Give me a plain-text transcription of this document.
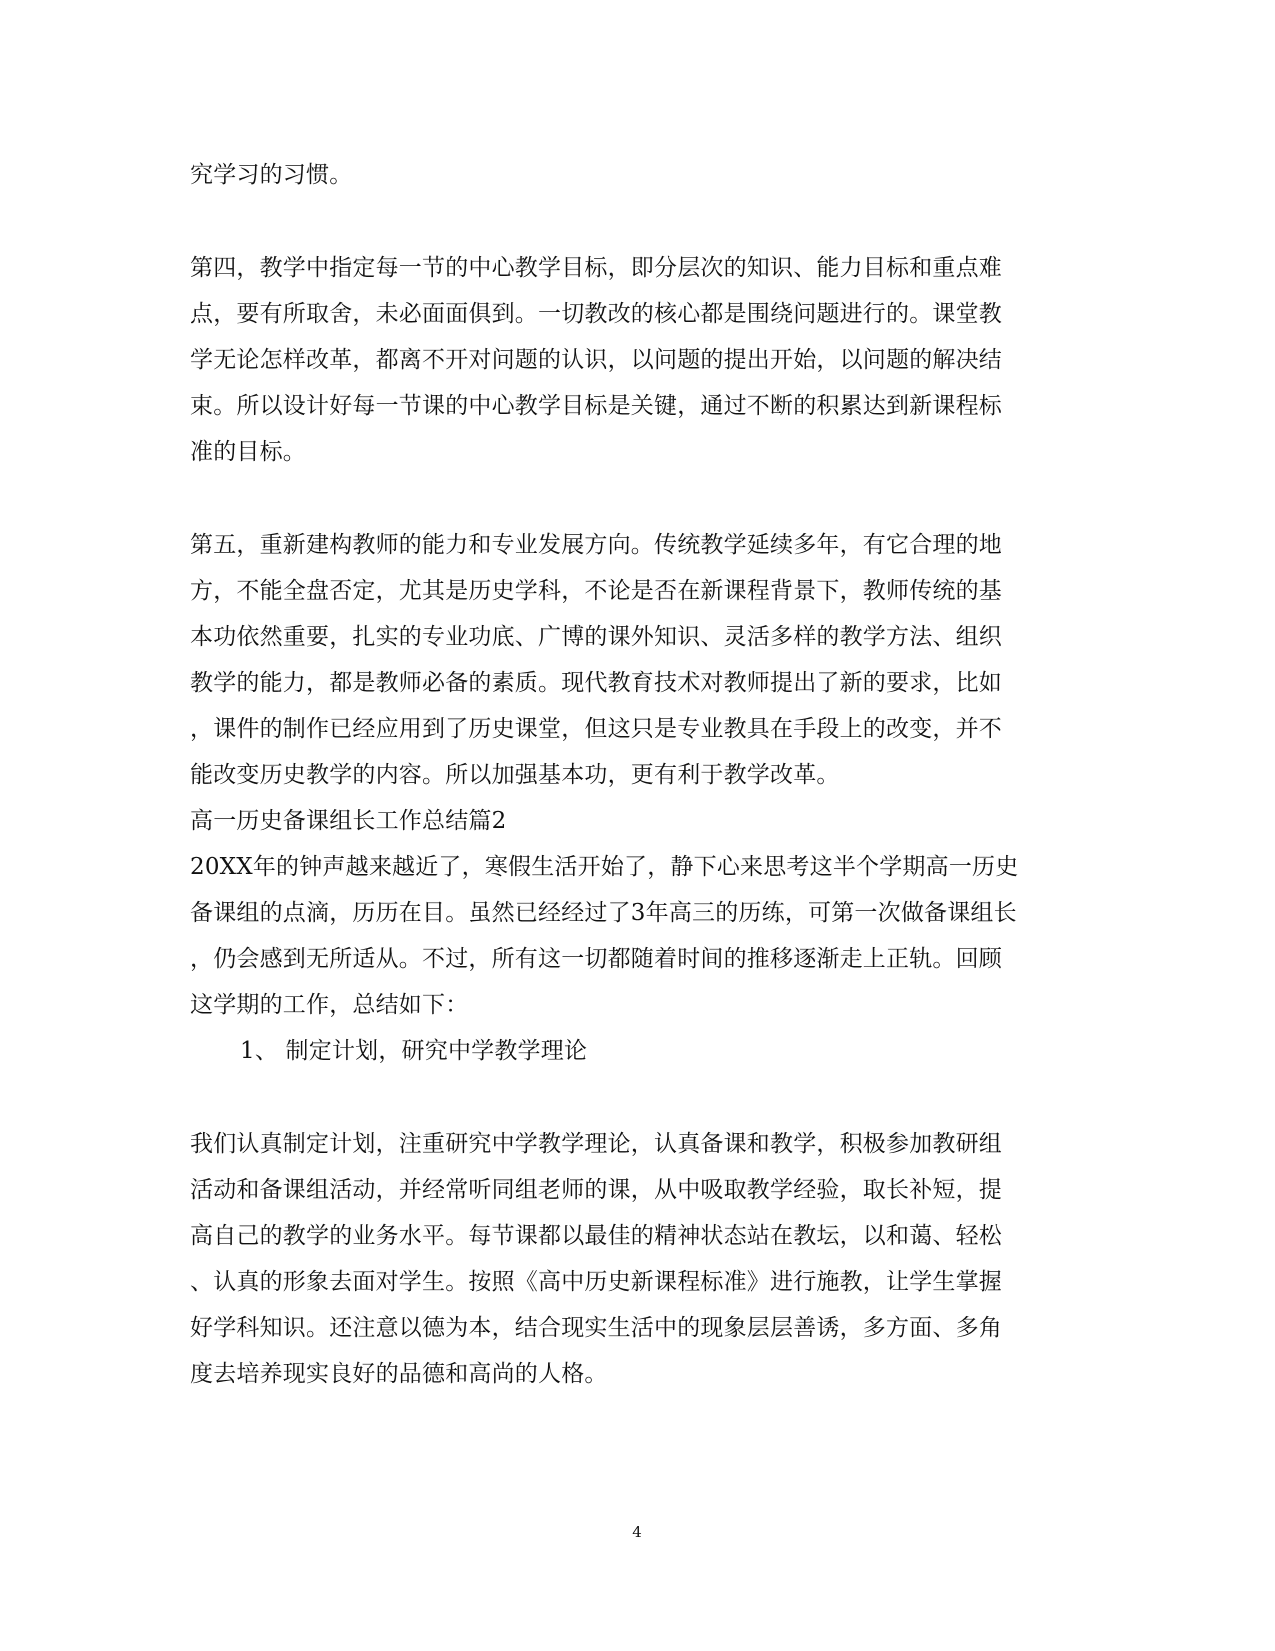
究学习的习惯。
第四，教学中指定每一节的中心教学目标，即分层次的知识、能力目标和重点难
点，要有所取舍，未必面面俱到。一切教改的核心都是围绕问题进行的。课堂教
学无论怎样改革，都离不开对问题的认识，以问题的提出开始，以问题的解决结
束。所以设计好每一节课的中心教学目标是关键，通过不断的积累达到新课程标
准的目标。
第五，重新建构教师的能力和专业发展方向。传统教学延续多年，有它合理的地
方，不能全盘否定，尤其是历史学科，不论是否在新课程背景下，教师传统的基
本功依然重要，扎实的专业功底、广博的课外知识、灵活多样的教学方法、组织
教学的能力，都是教师必备的素质。现代教育技术对教师提出了新的要求，比如
，课件的制作已经应用到了历史课堂，但这只是专业教具在手段上的改变，并不
能改变历史教学的内容。所以加强基本功，更有利于教学改革。
高一历史备课组长工作总结篇2
20XX年的钟声越来越近了，寒假生活开始了，静下心来思考这半个学期高一历史
备课组的点滴，历历在目。虽然已经经过了3年高三的历练，可第一次做备课组长
，仍会感到无所适从。不过，所有这一切都随着时间的推移逐渐走上正轨。回顾
这学期的工作，总结如下：
1、 制定计划，研究中学教学理论
我们认真制定计划，注重研究中学教学理论，认真备课和教学，积极参加教研组
活动和备课组活动，并经常听同组老师的课，从中吸取教学经验，取长补短，提
高自己的教学的业务水平。每节课都以最佳的精神状态站在教坛，以和蔼、轻松
、认真的形象去面对学生。按照《高中历史新课程标准》进行施教，让学生掌握
好学科知识。还注意以德为本，结合现实生活中的现象层层善诱，多方面、多角
度去培养现实良好的品德和高尚的人格。
4
